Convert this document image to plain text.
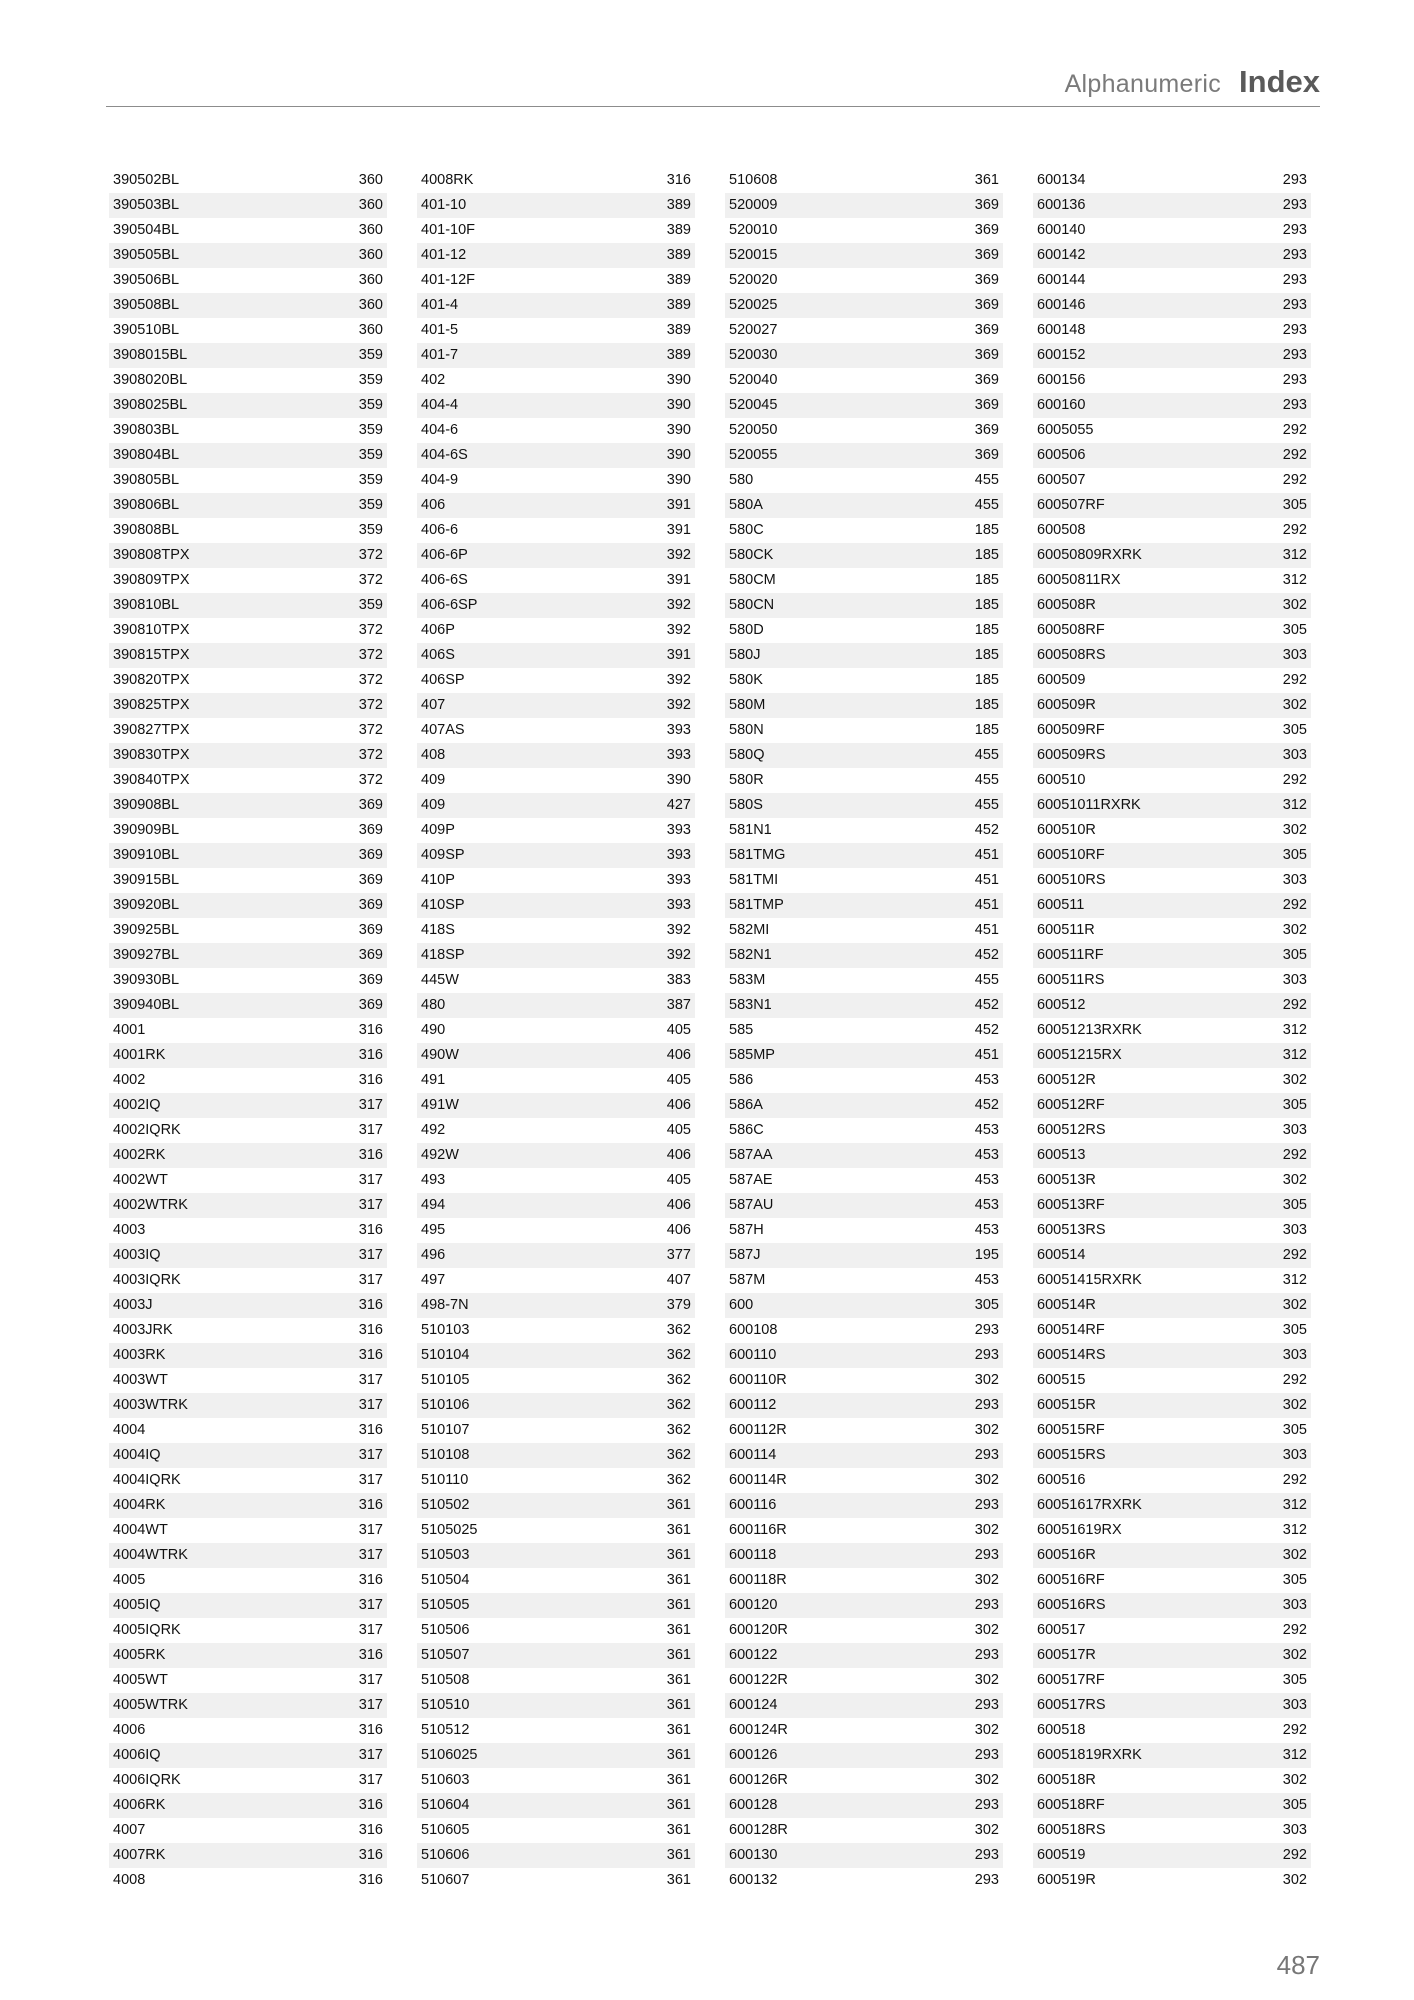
Alphanumeric Index
390502BL	360
390503BL	360
390504BL	360
390505BL	360
390506BL	360
390508BL	360
390510BL	360
3908015BL	359
3908020BL	359
3908025BL	359
390803BL	359
390804BL	359
390805BL	359
390806BL	359
390808BL	359
390808TPX	372
390809TPX	372
390810BL	359
390810TPX	372
390815TPX	372
390820TPX	372
390825TPX	372
390827TPX	372
390830TPX	372
390840TPX	372
390908BL	369
390909BL	369
390910BL	369
390915BL	369
390920BL	369
390925BL	369
390927BL	369
390930BL	369
390940BL	369
4001	316
4001RK	316
4002	316
4002IQ	317
4002IQRK	317
4002RK	316
4002WT	317
4002WTRK	317
4003	316
4003IQ	317
4003IQRK	317
4003J	316
4003JRK	316
4003RK	316
4003WT	317
4003WTRK	317
4004	316
4004IQ	317
4004IQRK	317
4004RK	316
4004WT	317
4004WTRK	317
4005	316
4005IQ	317
4005IQRK	317
4005RK	316
4005WT	317
4005WTRK	317
4006	316
4006IQ	317
4006IQRK	317
4006RK	316
4007	316
4007RK	316
4008	316
4008RK	316
401-10	389
401-10F	389
401-12	389
401-12F	389
401-4	389
401-5	389
401-7	389
402	390
404-4	390
404-6	390
404-6S	390
404-9	390
406	391
406-6	391
406-6P	392
406-6S	391
406-6SP	392
406P	392
406S	391
406SP	392
407	392
407AS	393
408	393
409	390
409	427
409P	393
409SP	393
410P	393
410SP	393
418S	392
418SP	392
445W	383
480	387
490	405
490W	406
491	405
491W	406
492	405
492W	406
493	405
494	406
495	406
496	377
497	407
498-7N	379
510103	362
510104	362
510105	362
510106	362
510107	362
510108	362
510110	362
510502	361
5105025	361
510503	361
510504	361
510505	361
510506	361
510507	361
510508	361
510510	361
510512	361
5106025	361
510603	361
510604	361
510605	361
510606	361
510607	361
510608	361
520009	369
520010	369
520015	369
520020	369
520025	369
520027	369
520030	369
520040	369
520045	369
520050	369
520055	369
580	455
580A	455
580C	185
580CK	185
580CM	185
580CN	185
580D	185
580J	185
580K	185
580M	185
580N	185
580Q	455
580R	455
580S	455
581N1	452
581TMG	451
581TMI	451
581TMP	451
582MI	451
582N1	452
583M	455
583N1	452
585	452
585MP	451
586	453
586A	452
586C	453
587AA	453
587AE	453
587AU	453
587H	453
587J	195
587M	453
600	305
600108	293
600110	293
600110R	302
600112	293
600112R	302
600114	293
600114R	302
600116	293
600116R	302
600118	293
600118R	302
600120	293
600120R	302
600122	293
600122R	302
600124	293
600124R	302
600126	293
600126R	302
600128	293
600128R	302
600130	293
600132	293
600134	293
600136	293
600140	293
600142	293
600144	293
600146	293
600148	293
600152	293
600156	293
600160	293
6005055	292
600506	292
600507	292
600507RF	305
600508	292
60050809RXRK	312
60050811RX	312
600508R	302
600508RF	305
600508RS	303
600509	292
600509R	302
600509RF	305
600509RS	303
600510	292
60051011RXRK	312
600510R	302
600510RF	305
600510RS	303
600511	292
600511R	302
600511RF	305
600511RS	303
600512	292
60051213RXRK	312
60051215RX	312
600512R	302
600512RF	305
600512RS	303
600513	292
600513R	302
600513RF	305
600513RS	303
600514	292
60051415RXRK	312
600514R	302
600514RF	305
600514RS	303
600515	292
600515R	302
600515RF	305
600515RS	303
600516	292
60051617RXRK	312
60051619RX	312
600516R	302
600516RF	305
600516RS	303
600517	292
600517R	302
600517RF	305
600517RS	303
600518	292
60051819RXRK	312
600518R	302
600518RF	305
600518RS	303
600519	292
600519R	302
487
